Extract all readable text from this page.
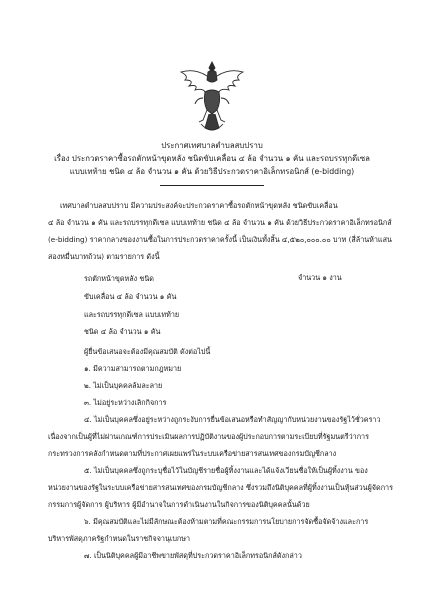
ประกาศเทศบาลตำบลสบปราบ
เรื่อง ประกวดราคาซื้อรถตักหน้าขุดหลัง ชนิดขับเคลื่อน ๔ ล้อ จำนวน ๑ คัน และรถบรรทุกดีเซล
แบบเทท้าย ชนิด ๔ ล้อ จำนวน ๑ คัน ด้วยวิธีประกวดราคาอิเล็กทรอนิกส์ (e-bidding)
เทศบาลตำบลสบปราบ มีความประสงค์จะประกวดราคาซื้อรถตักหน้าขุดหลัง ชนิดขับเคลื่อน
๔ ล้อ จำนวน ๑ คัน และรถบรรทุกดีเซล แบบเทท้าย ชนิด ๔ ล้อ จำนวน ๑ คัน ด้วยวิธีประกวดราคาอิเล็กทรอนิกส์
(e-bidding) ราคากลางของงานซื้อในการประกวดราคาครั้งนี้ เป็นเงินทั้งสิ้น ๔,๕๒๐,๐๐๐.๐๐ บาท (สี่ล้านห้าแสน
สองหมื่นบาทถ้วน) ตามรายการ ดังนี้
รถตักหน้าขุดหลัง ชนิด
ขับเคลื่อน ๔ ล้อ จำนวน ๑ คัน
และรถบรรทุกดีเซล แบบเทท้าย
ชนิด ๔ ล้อ จำนวน ๑ คัน
จำนวน ๑ งาน
ผู้ยื่นข้อเสนอจะต้องมีคุณสมบัติ ดังต่อไปนี้
๑. มีความสามารถตามกฎหมาย
๒. ไม่เป็นบุคคลล้มละลาย
๓. ไม่อยู่ระหว่างเลิกกิจการ
๔. ไม่เป็นบุคคลซึ่งอยู่ระหว่างถูกระงับการยื่นข้อเสนอหรือทำสัญญากับหน่วยงานของรัฐไว้ชั่วคราว
เนื่องจากเป็นผู้ที่ไม่ผ่านเกณฑ์การประเมินผลการปฏิบัติงานของผู้ประกอบการตามระเบียบที่รัฐมนตรีว่าการ
กระทรวงการคลังกำหนดตามที่ประกาศเผยแพร่ในระบบเครือข่ายสารสนเทศของกรมบัญชีกลาง
๕. ไม่เป็นบุคคลซึ่งถูกระบุชื่อไว้ในบัญชีรายชื่อผู้ทิ้งงานและได้แจ้งเวียนชื่อให้เป็นผู้ทิ้งงาน ของ
หน่วยงานของรัฐในระบบเครือข่ายสารสนเทศของกรมบัญชีกลาง ซึ่งรวมถึงนิติบุคคลที่ผู้ทิ้งงานเป็นหุ้นส่วนผู้จัดการ
กรรมการผู้จัดการ ผู้บริหาร ผู้มีอำนาจในการดำเนินงานในกิจการของนิติบุคคลนั้นด้วย
๖. มีคุณสมบัติและไม่มีลักษณะต้องห้ามตามที่คณะกรรมการนโยบายการจัดซื้อจัดจ้างและการ
บริหารพัสดุภาครัฐกำหนดในราชกิจจานุเบกษา
๗. เป็นนิติบุคคลผู้มีอาชีพขายพัสดุที่ประกวดราคาอิเล็กทรอนิกส์ดังกล่าว
